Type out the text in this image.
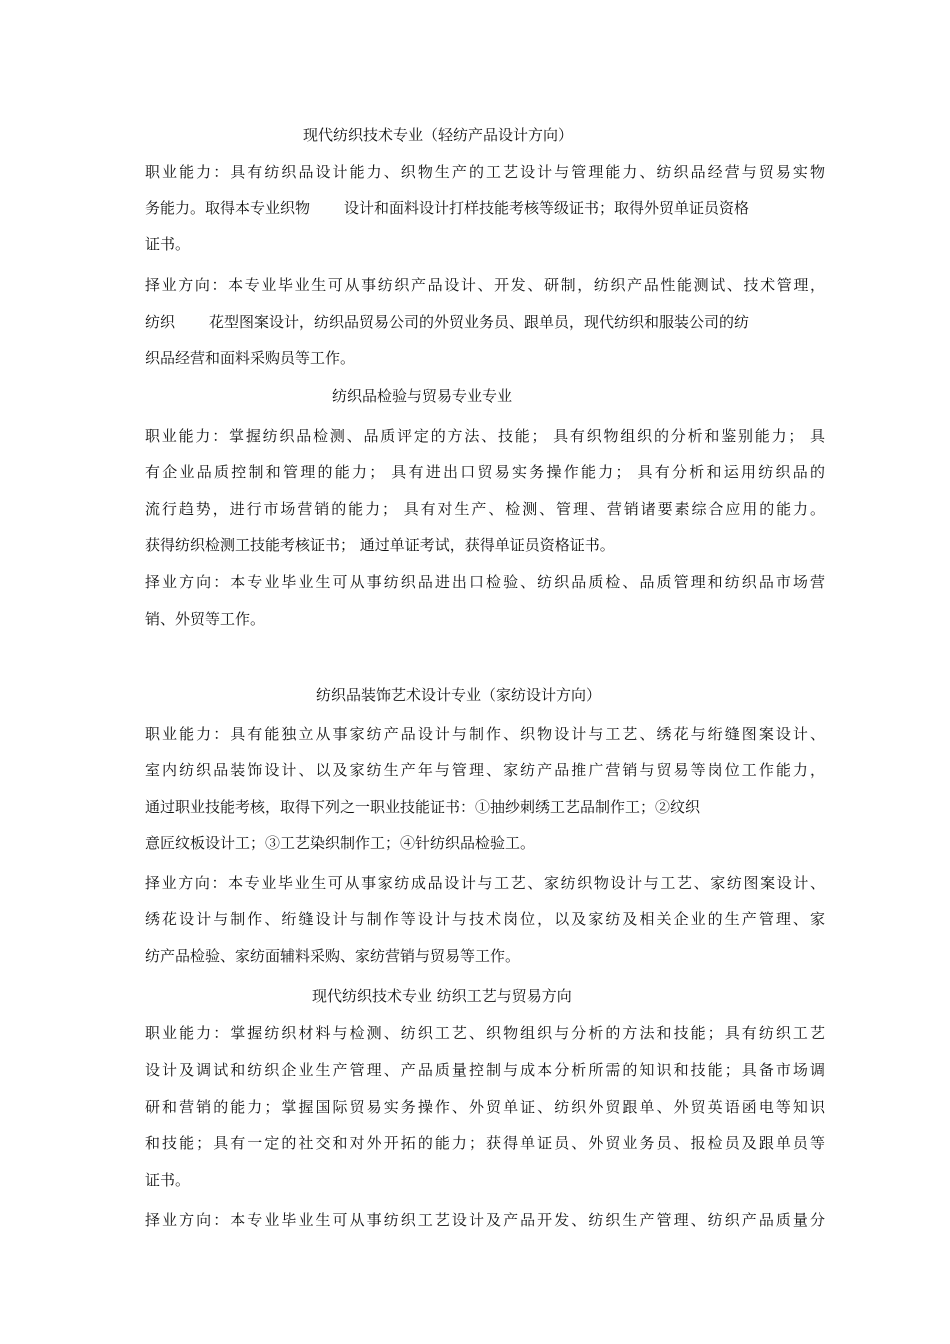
现代纺织技术专业（轻纺产品设计方向）
职业能力：具有纺织品设计能力、织物生产的工艺设计与管理能力、纺织品经营与贸易实物
务能力。取得本专业织物 设计和面料设计打样技能考核等级证书；取得外贸单证员资格
证书。
择业方向：本专业毕业生可从事纺织产品设计、开发、研制，纺织产品性能测试、技术管理，
纺织 花型图案设计，纺织品贸易公司的外贸业务员、跟单员，现代纺织和服装公司的纺
织品经营和面料采购员等工作。
纺织品检验与贸易专业专业
职业能力：掌握纺织品检测、品质评定的方法、技能； 具有织物组织的分析和鉴别能力； 具
有企业品质控制和管理的能力； 具有进出口贸易实务操作能力； 具有分析和运用纺织品的
流行趋势，进行市场营销的能力； 具有对生产、检测、管理、营销诸要素综合应用的能力。
获得纺织检测工技能考核证书； 通过单证考试，获得单证员资格证书。
择业方向：本专业毕业生可从事纺织品进出口检验、纺织品质检、品质管理和纺织品市场营
销、外贸等工作。
纺织品装饰艺术设计专业（家纺设计方向）
职业能力：具有能独立从事家纺产品设计与制作、织物设计与工艺、绣花与绗缝图案设计、
室内纺织品装饰设计、以及家纺生产年与管理、家纺产品推广营销与贸易等岗位工作能力，
通过职业技能考核，取得下列之一职业技能证书：①抽纱刺绣工艺品制作工；②纹织
意匠纹板设计工；③工艺染织制作工；④针纺织品检验工。
择业方向：本专业毕业生可从事家纺成品设计与工艺、家纺织物设计与工艺、家纺图案设计、
绣花设计与制作、绗缝设计与制作等设计与技术岗位，以及家纺及相关企业的生产管理、家
纺产品检验、家纺面辅料采购、家纺营销与贸易等工作。
现代纺织技术专业 纺织工艺与贸易方向
职业能力：掌握纺织材料与检测、纺织工艺、织物组织与分析的方法和技能；具有纺织工艺
设计及调试和纺织企业生产管理、产品质量控制与成本分析所需的知识和技能；具备市场调
研和营销的能力；掌握国际贸易实务操作、外贸单证、纺织外贸跟单、外贸英语函电等知识
和技能；具有一定的社交和对外开拓的能力；获得单证员、外贸业务员、报检员及跟单员等
证书。
择业方向：本专业毕业生可从事纺织工艺设计及产品开发、纺织生产管理、纺织产品质量分
